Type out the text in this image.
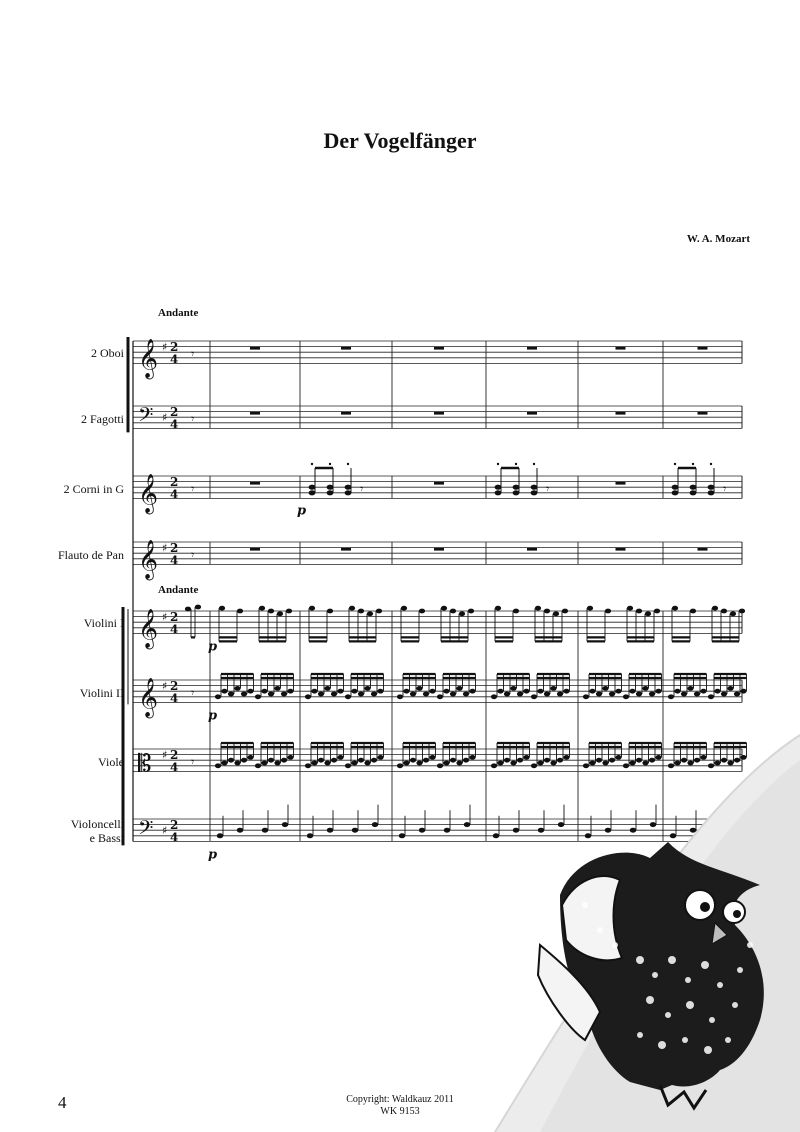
Der Vogelfänger
W. A. Mozart
Andante
Andante
2 Oboi
2 Fagotti
2 Corni in G
Flauto de Pan
Violini I
Violini II
Viole
Violoncelli
e Bassi
𝄞 ♯ 2
4
𝄢 ♯ 2
4
𝄞 2
4
𝄞 ♯ 2
4
𝄞 ♯ 2
4
𝄞 ♯ 2
4
𝄡 ♯ 2
4
𝄢 ♯ 2
4
𝄾
𝄾
𝄾
𝄾
𝄾
𝄾
𝄾	𝄾	𝄾
p
p
p
p
4	Copyright: Waldkauz 2011
WK 9153
